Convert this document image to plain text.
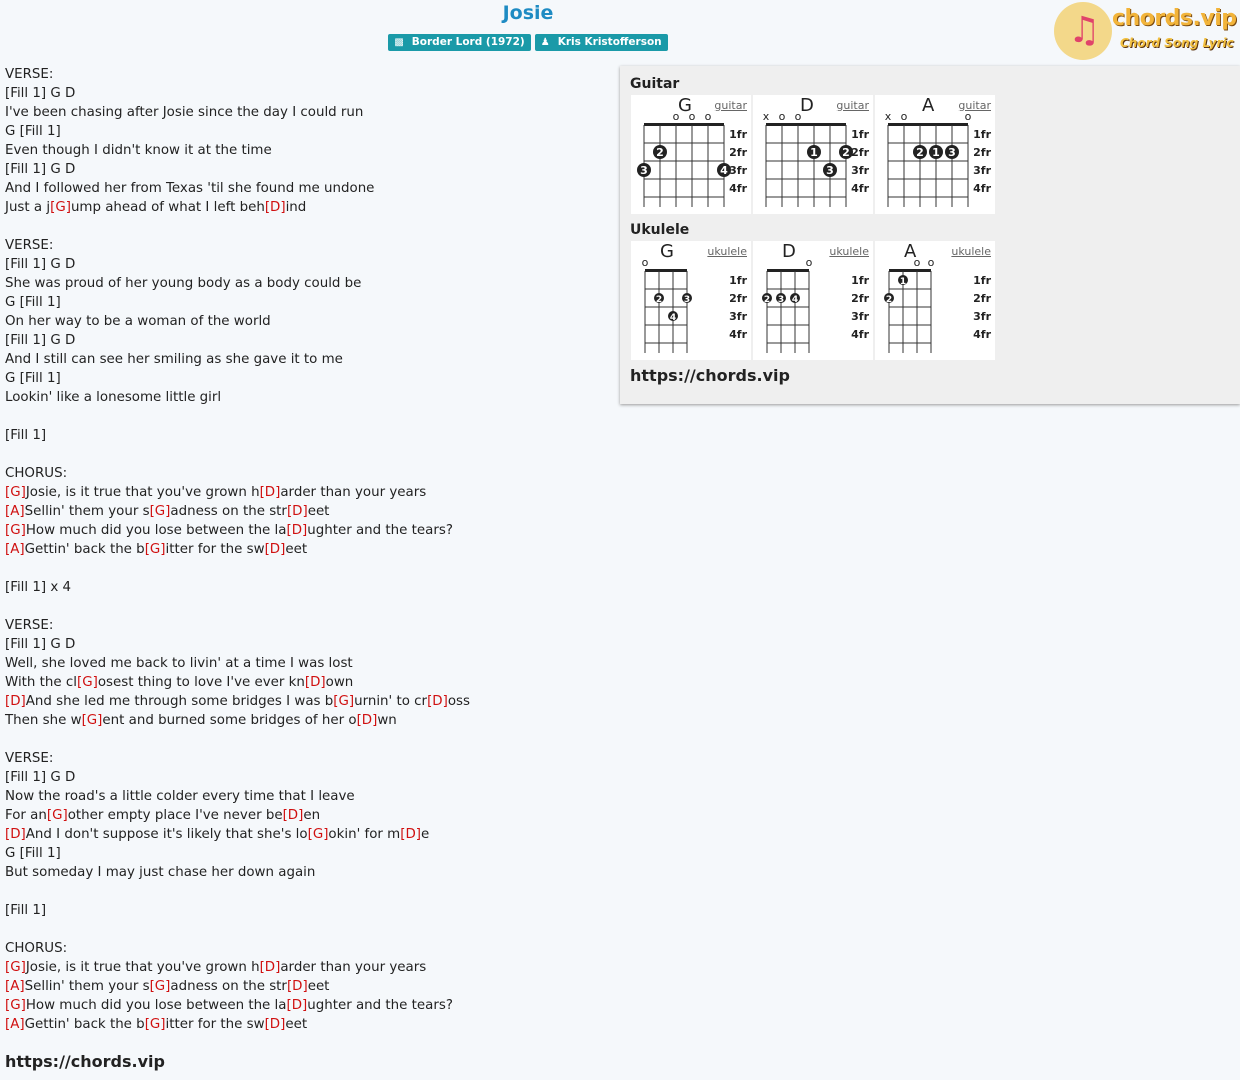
Josie
▩ Border Lord (1972) ♟ Kris Kristofferson	♫ chords.vip
Chord Song Lyric
VERSE:
[Fill 1] G D
I've been chasing after Josie since the day I could run
G [Fill 1]
Even though I didn't know it at the time
[Fill 1] G D
And I followed her from Texas 'til she found me undone
Just a j[G]ump ahead of what I left beh[D]ind
VERSE:
[Fill 1] G D
She was proud of her young body as a body could be
G [Fill 1]
On her way to be a woman of the world
[Fill 1] G D
And I still can see her smiling as she gave it to me
G [Fill 1]
Lookin' like a lonesome little girl
[Fill 1]
CHORUS:
[G]Josie, is it true that you've grown h[D]arder than your years
[A]Sellin' them your s[G]adness on the str[D]eet
[G]How much did you lose between the la[D]ughter and the tears?
[A]Gettin' back the b[G]itter for the sw[D]eet
[Fill 1] x 4
VERSE:
[Fill 1] G D
Well, she loved me back to livin' at a time I was lost
With the cl[G]osest thing to love I've ever kn[D]own
[D]And she led me through some bridges I was b[G]urnin' to cr[D]oss
Then she w[G]ent and burned some bridges of her o[D]wn
VERSE:
[Fill 1] G D
Now the road's a little colder every time that I leave
For an[G]other empty place I've never be[D]en
[D]And I don't suppose it's likely that she's lo[G]okin' for m[D]e
G [Fill 1]
But someday I may just chase her down again
[Fill 1]
CHORUS:
[G]Josie, is it true that you've grown h[D]arder than your years
[A]Sellin' them your s[G]adness on the str[D]eet
[G]How much did you lose between the la[D]ughter and the tears?
[A]Gettin' back the b[G]itter for the sw[D]eet
https://chords.vip
Guitar
G guitar
o o o
2
3	4
1fr
2fr
3fr
4fr
D guitar
x o o
1 2
3
1fr
2fr
3fr
4fr
A guitar
x o	o
2 1 3
1fr
2fr
3fr
4fr
Ukulele
G	ukulele
o
2 3
4
1fr
2fr
3fr
4fr
D	ukulele
o
2 3 4
1fr
2fr
3fr
4fr
A	ukulele
o o
2
1	1fr
2fr
3fr
4fr
https://chords.vip
